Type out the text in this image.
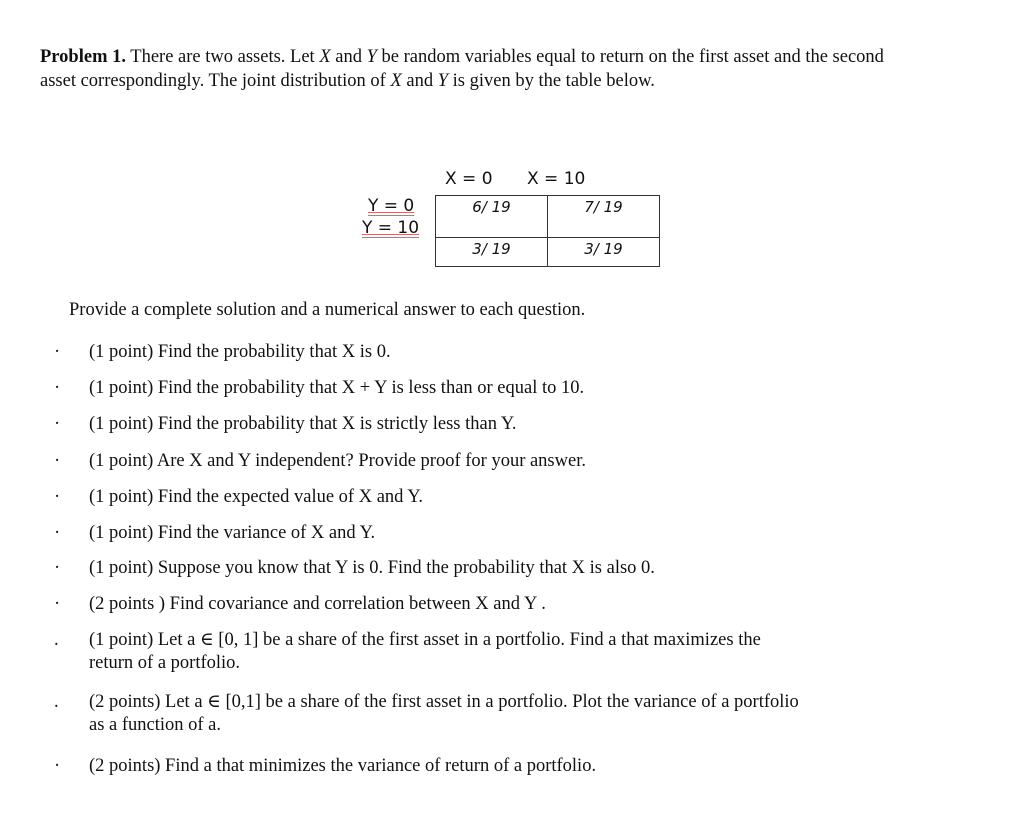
Problem 1. There are two assets. Let X and Y be random variables equal to return on the first asset and the second asset correspondingly. The joint distribution of X and Y is given by the table below.
X = 0 X = 10
Y = 0
Y = 10
6/ 19	7/ 19
3/ 19	3/ 19
Provide a complete solution and a numerical answer to each question.
· (1 point) Find the probability that X is 0.
· (1 point) Find the probability that X + Y is less than or equal to 10.
· (1 point) Find the probability that X is strictly less than Y.
· (1 point) Are X and Y independent? Provide proof for your answer.
· (1 point) Find the expected value of X and Y.
· (1 point) Find the variance of X and Y.
· (1 point) Suppose you know that Y is 0. Find the probability that X is also 0.
· (2 points ) Find covariance and correlation between X and Y .
. (1 point) Let a ∈ [0, 1] be a share of the first asset in a portfolio. Find a that maximizes the
return of a portfolio.
. (2 points) Let a ∈ [0,1] be a share of the first asset in a portfolio. Plot the variance of a portfolio
as a function of a.
· (2 points) Find a that minimizes the variance of return of a portfolio.
